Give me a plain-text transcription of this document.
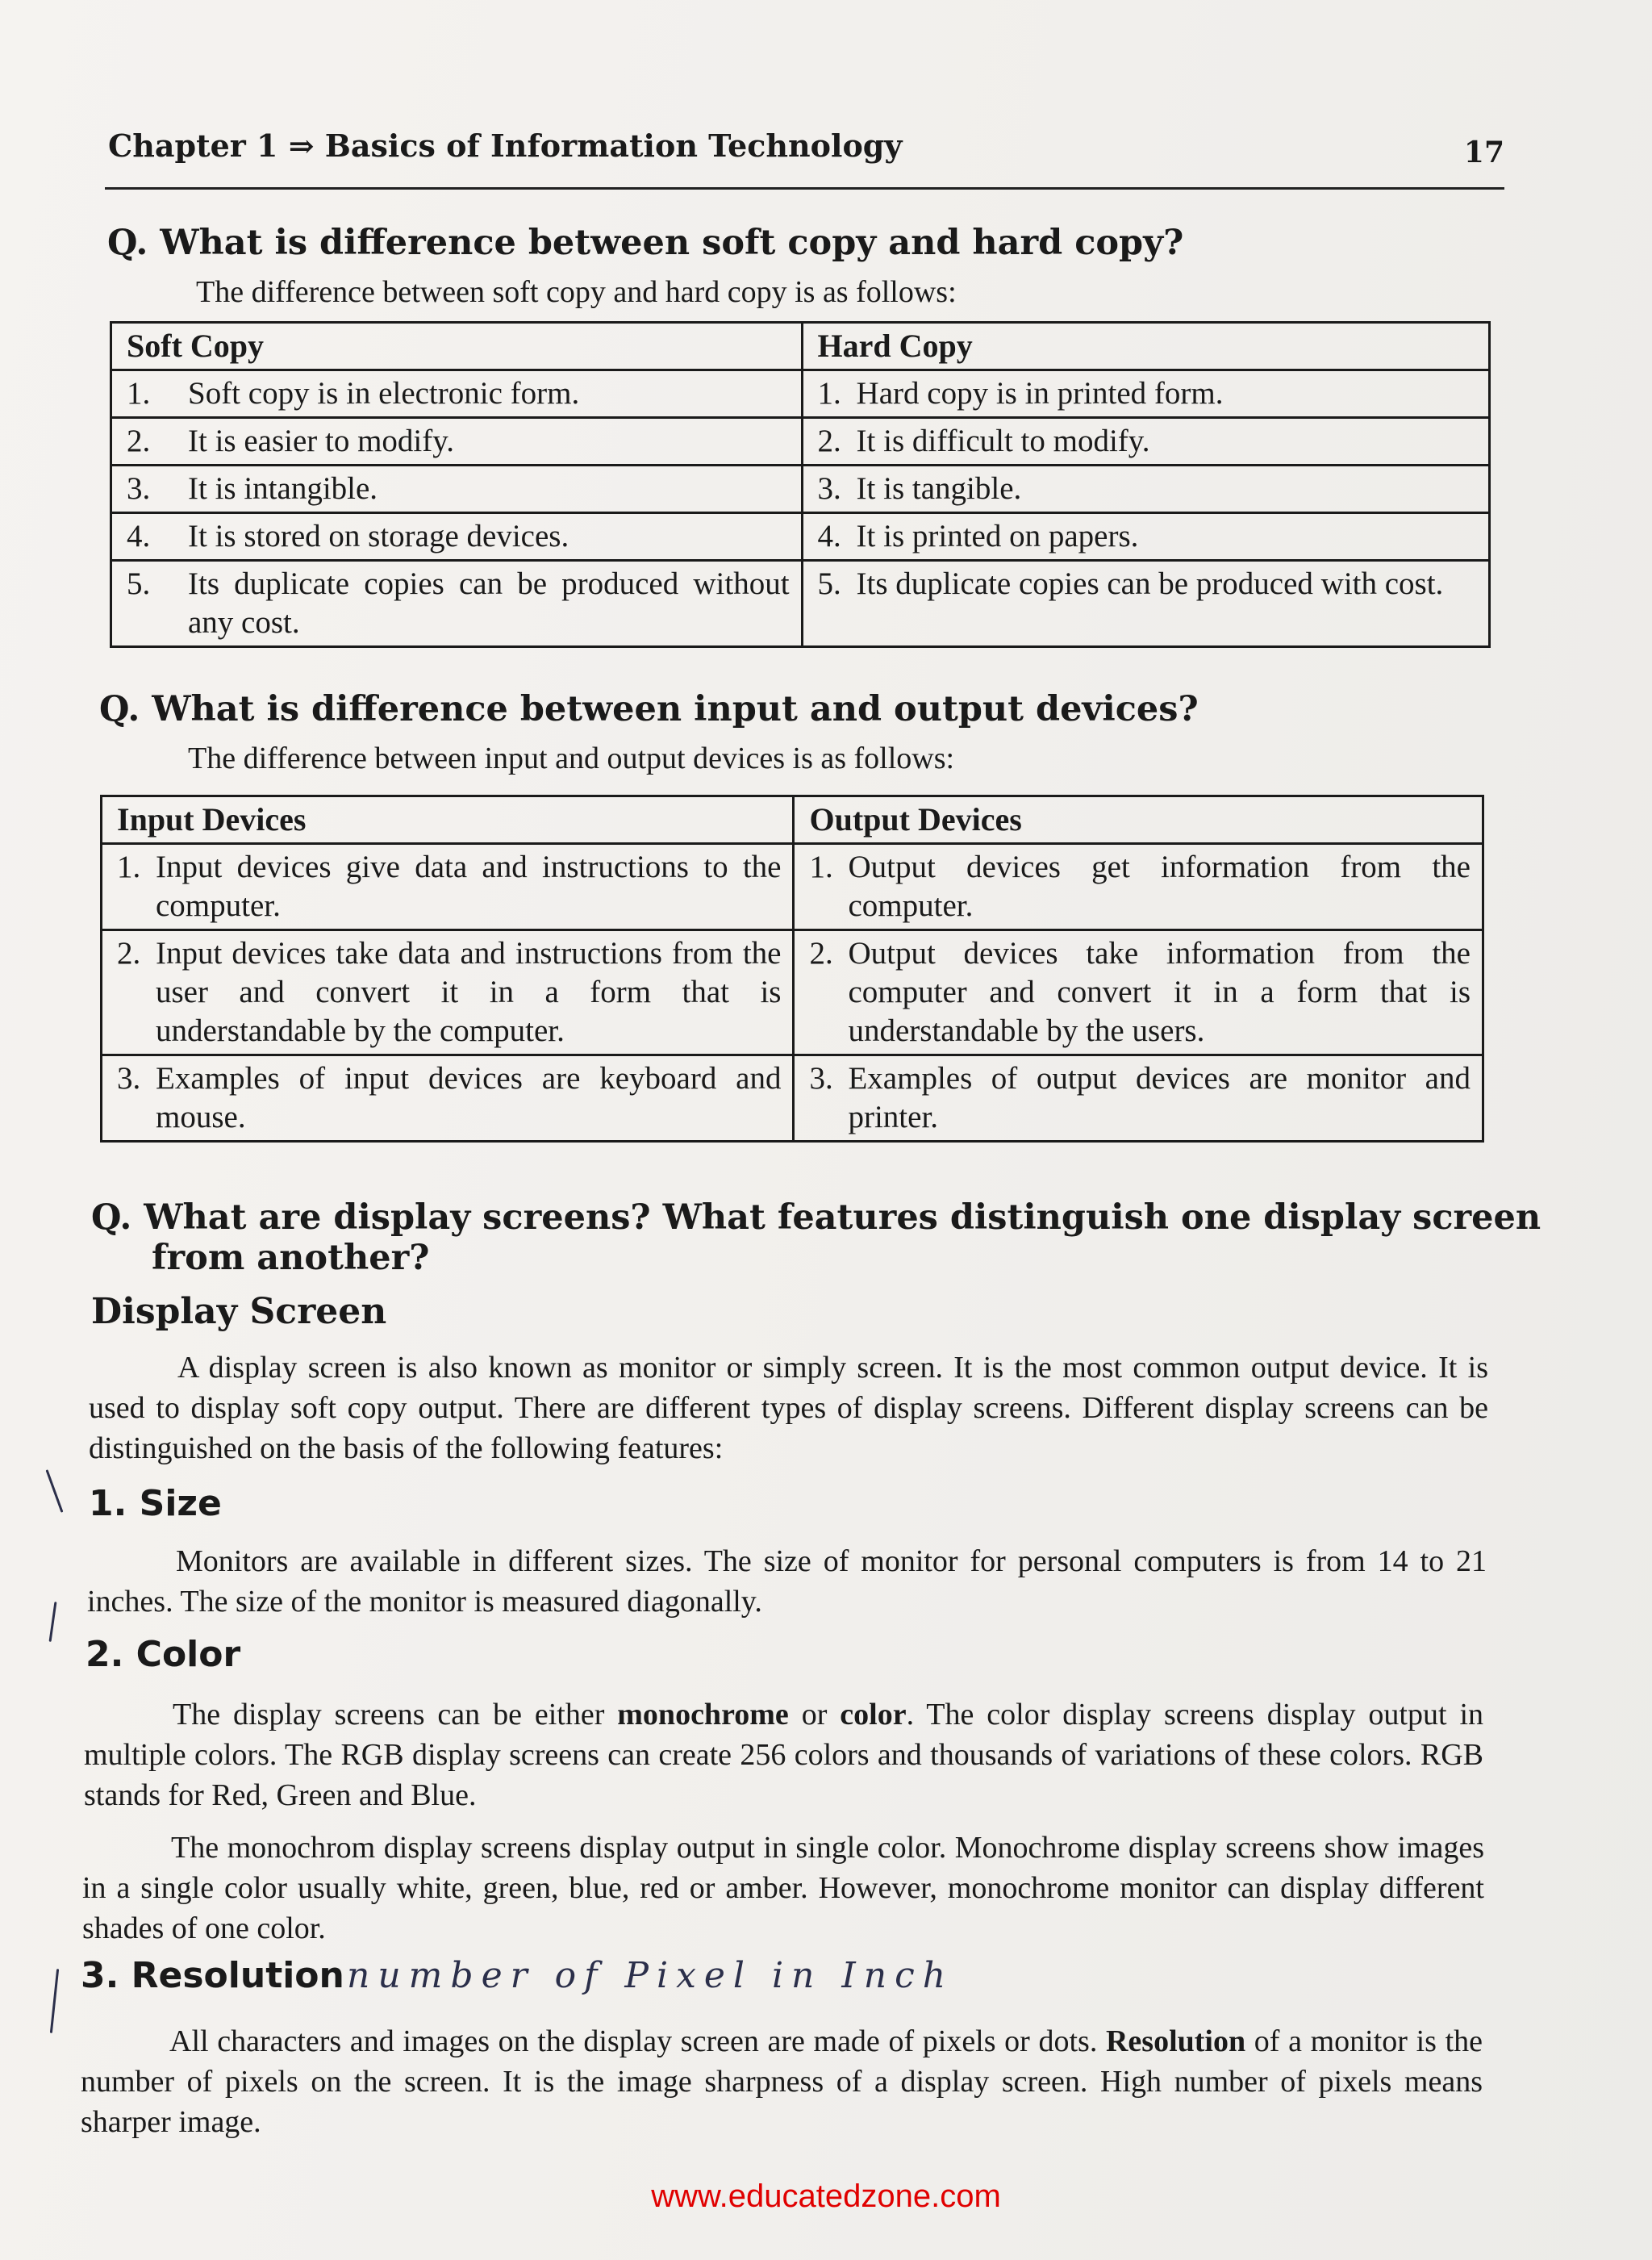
Chapter 1 ⇒ Basics of Information Technology	17
Q. What is difference between soft copy and hard copy?
The difference between soft copy and hard copy is as follows:
Soft Copy	Hard Copy

1. Soft copy is in electronic form.	1. Hard copy is in printed form.

2. It is easier to modify.	2. It is difficult to modify.

3. It is intangible.	3. It is tangible.

4. It is stored on storage devices.	4. It is printed on papers.

5. Its duplicate copies can be produced without any cost.	5. Its duplicate copies can be produced with cost.
Q. What is difference between input and output devices?
The difference between input and output devices is as follows:
Input Devices	Output Devices

1. Input devices give data and instructions to the computer.	1. Output devices get information from the computer.

2. Input devices take data and instructions from the user and convert it in a form that is understandable by the computer.	2. Output devices take information from the computer and convert it in a form that is understandable by the users.

3. Examples of input devices are keyboard and mouse.	3. Examples of output devices are monitor and printer.
Q. What are display screens? What features distinguish one display screen
from another?
Display Screen
A display screen is also known as monitor or simply screen. It is the most common output device. It is used to display soft copy output. There are different types of display screens. Different display screens can be distinguished on the basis of the following features:
1. Size
Monitors are available in different sizes. The size of monitor for personal computers is from 14 to 21 inches. The size of the monitor is measured diagonally.
2. Color
The display screens can be either monochrome or color. The color display screens display output in multiple colors. The RGB display screens can create 256 colors and thousands of variations of these colors. RGB stands for Red, Green and Blue.
The monochrom display screens display output in single color. Monochrome display screens show images in a single color usually white, green, blue, red or amber. However, monochrome monitor can display different shades of one color.
3. Resolution number of Pixel in Inch
All characters and images on the display screen are made of pixels or dots. Resolution of a monitor is the number of pixels on the screen. It is the image sharpness of a display screen. High number of pixels means sharper image.
www.educatedzone.com
